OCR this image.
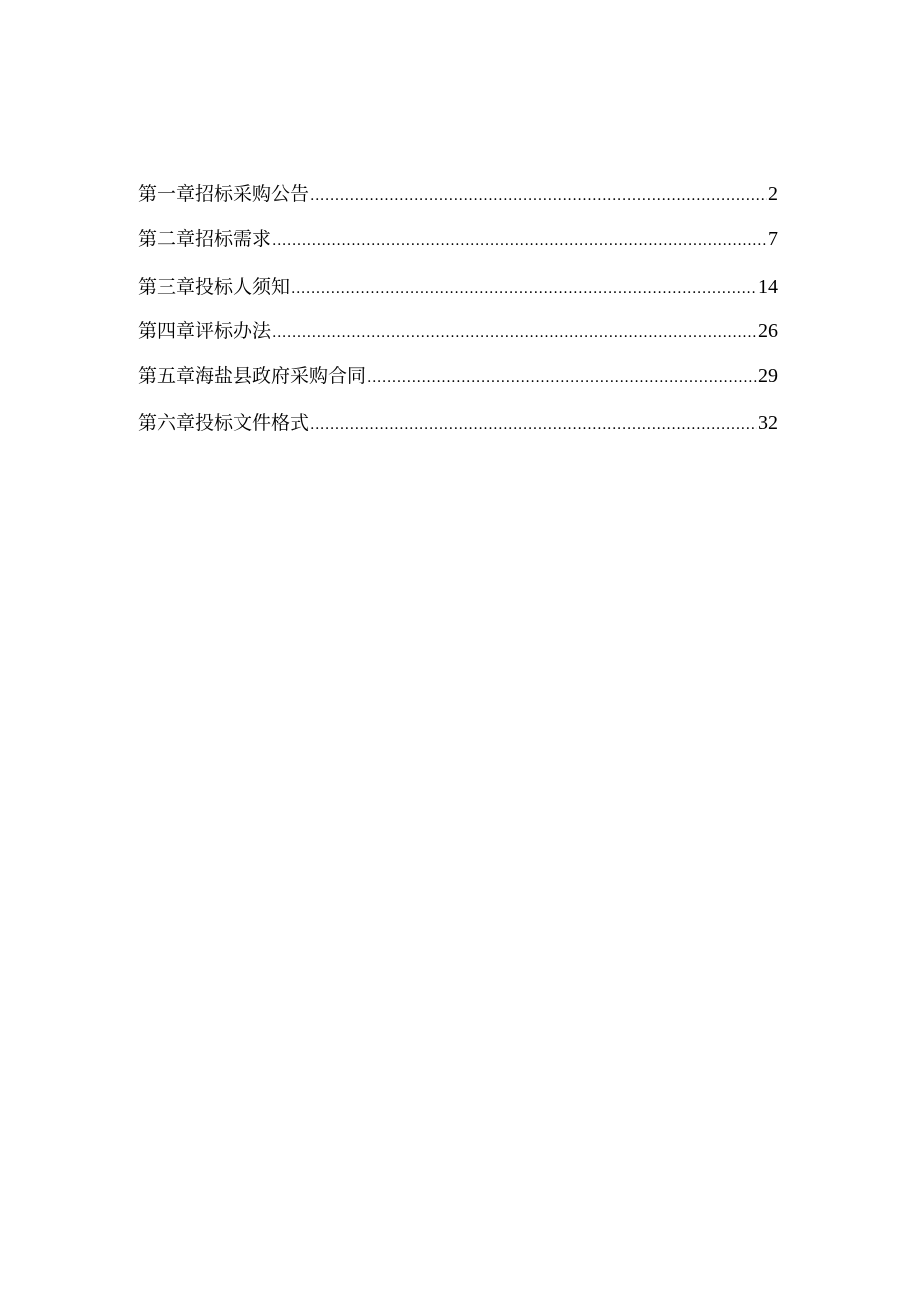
第一章招标采购公告 .....	2
第二章招标需求 .....	7
第三章投标人须知 .....	14
第四章评标办法 .....	26
第五章海盐县政府采购合同 .....	29
第六章投标文件格式 .....	32
